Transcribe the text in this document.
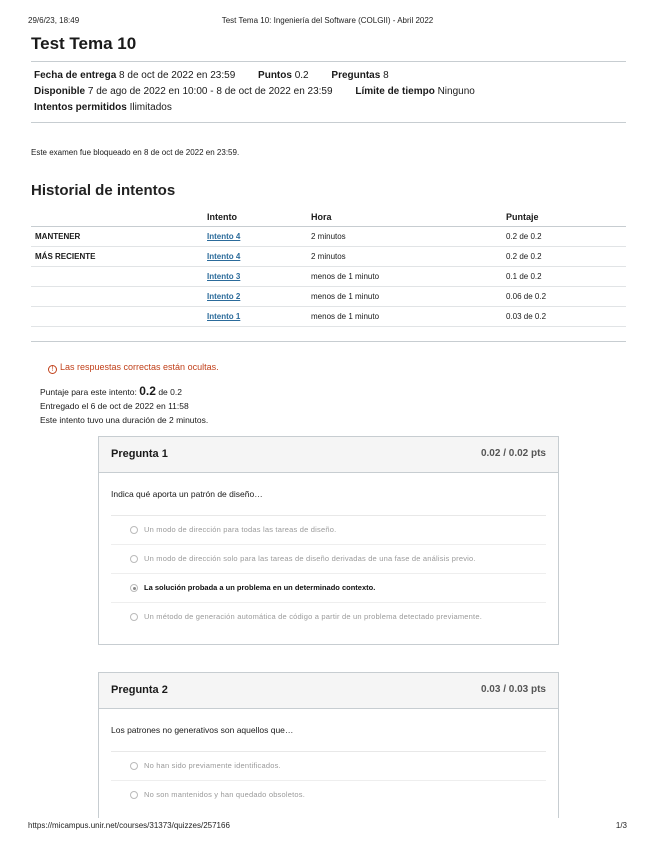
29/6/23, 18:49	Test Tema 10: Ingeniería del Software (COLGII) - Abril 2022
Test Tema 10
Fecha de entrega 8 de oct de 2022 en 23:59 Puntos 0.2 Preguntas 8
Disponible 7 de ago de 2022 en 10:00 - 8 de oct de 2022 en 23:59 Límite de tiempo Ninguno
Intentos permitidos Ilimitados

Este examen fue bloqueado en 8 de oct de 2022 en 23:59.

Historial de intentos
	Intento	Hora	Puntaje
MANTENER	Intento 4	2 minutos	0.2 de 0.2
MÁS RECIENTE	Intento 4	2 minutos	0.2 de 0.2
	Intento 3	menos de 1 minuto	0.1 de 0.2
	Intento 2	menos de 1 minuto	0.06 de 0.2
	Intento 1	menos de 1 minuto	0.03 de 0.2
! Las respuestas correctas están ocultas.
Puntaje para este intento: 0.2 de 0.2
Entregado el 6 de oct de 2022 en 11:58
Este intento tuvo una duración de 2 minutos.
Pregunta 1	0.02 / 0.02 pts
Indica qué aporta un patrón de diseño…
Un modo de dirección para todas las tareas de diseño.
Un modo de dirección solo para las tareas de diseño derivadas de una fase de análisis previo.
La solución probada a un problema en un determinado contexto.
Un método de generación automática de código a partir de un problema detectado previamente.
Pregunta 2	0.03 / 0.03 pts
Los patrones no generativos son aquellos que…
No han sido previamente identificados.
No son mantenidos y han quedado obsoletos.
https://micampus.unir.net/courses/31373/quizzes/257166	1/3
